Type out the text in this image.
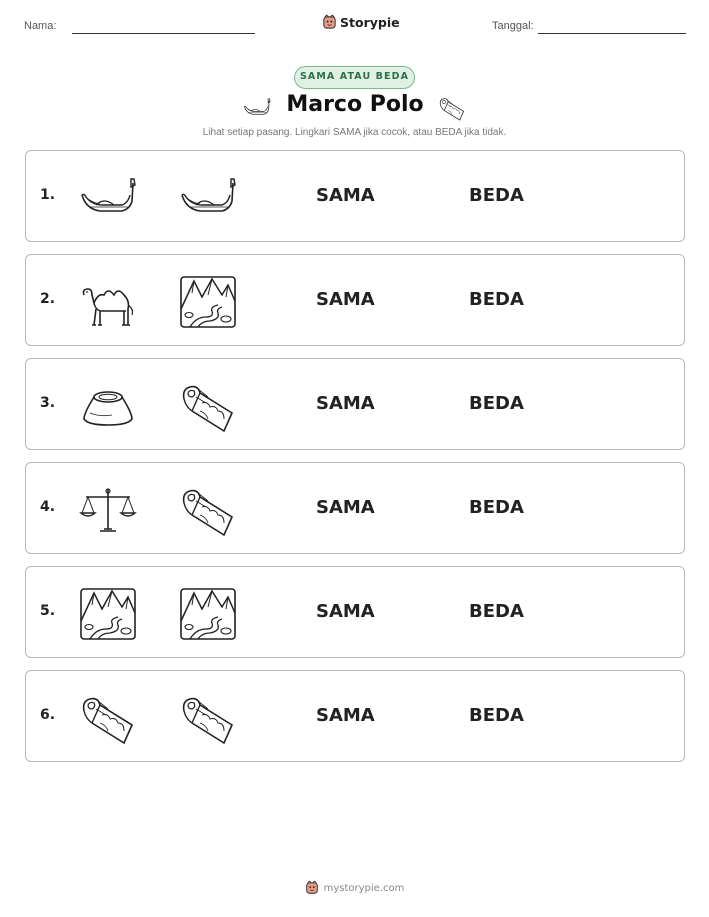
Nama:	Storypie	Tanggal:
SAMA ATAU BEDA
Marco Polo
Lihat setiap pasang. Lingkari SAMA jika cocok, atau BEDA jika tidak.
1.	SAMA	BEDA
2.	SAMA	BEDA
3.	SAMA	BEDA
4.	SAMA	BEDA
5.	SAMA	BEDA
6.	SAMA	BEDA
mystorypie.com
